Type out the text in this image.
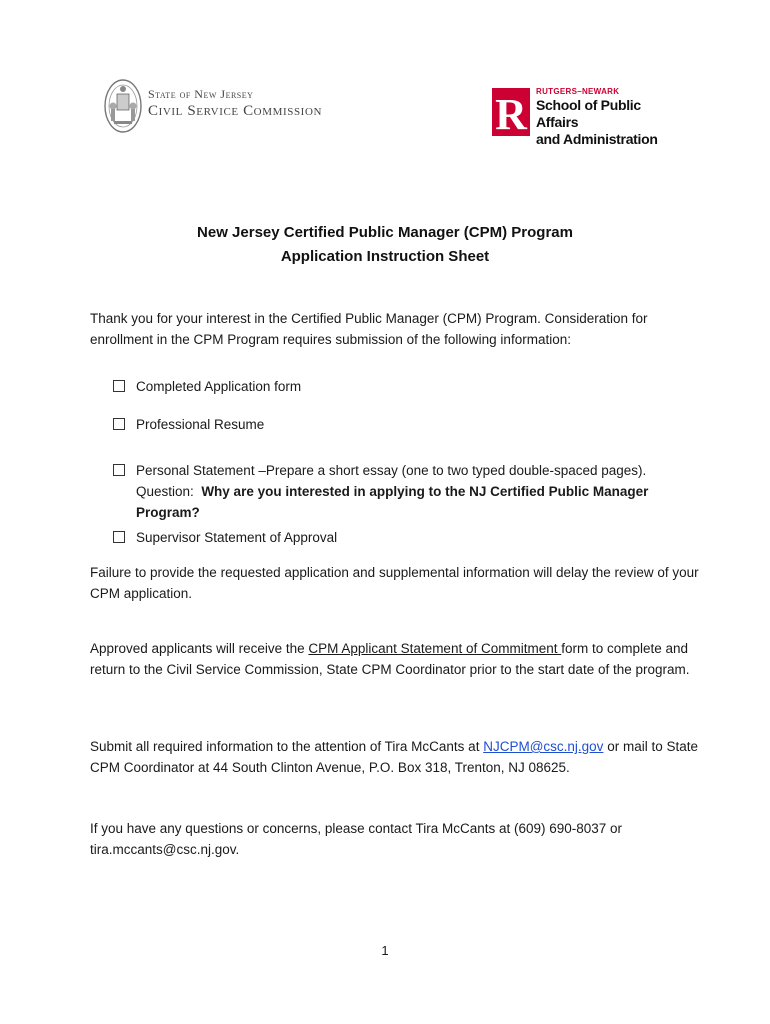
State of New Jersey
Civil Service Commission	R RUTGERS–NEWARK
School of Public Affairs
and Administration
New Jersey Certified Public Manager (CPM) Program
Application Instruction Sheet
Thank you for your interest in the Certified Public Manager (CPM) Program. Consideration for enrollment in the CPM Program requires submission of the following information:
Completed Application form
Professional Resume
Personal Statement –Prepare a short essay (one to two typed double-spaced pages).
Question: Why are you interested in applying to the NJ Certified Public Manager Program?
Supervisor Statement of Approval
Failure to provide the requested application and supplemental information will delay the review of your CPM application.
Approved applicants will receive the CPM Applicant Statement of Commitment form to complete and return to the Civil Service Commission, State CPM Coordinator prior to the start date of the program.
Submit all required information to the attention of Tira McCants at NJCPM@csc.nj.gov or mail to State CPM Coordinator at 44 South Clinton Avenue, P.O. Box 318, Trenton, NJ 08625.
If you have any questions or concerns, please contact Tira McCants at (609) 690-8037 or tira.mccants@csc.nj.gov.
1
